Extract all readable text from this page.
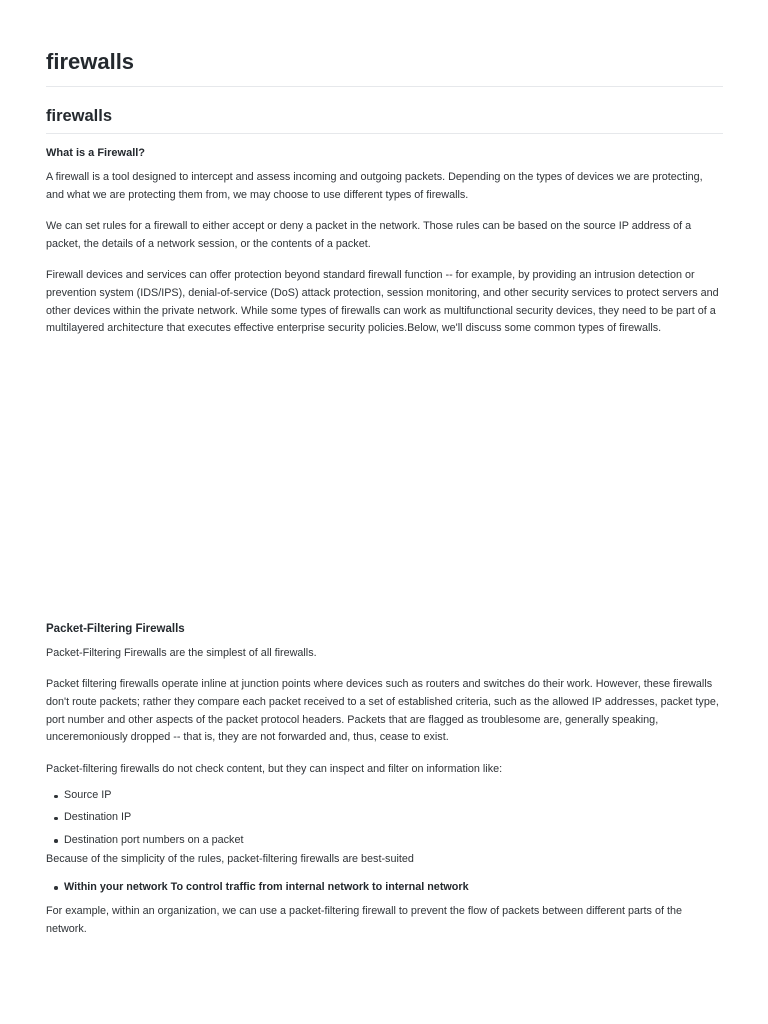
firewalls
firewalls
What is a Firewall?

A firewall is a tool designed to intercept and assess incoming and outgoing packets. Depending on the types of devices we are protecting, and what we are protecting them from, we may choose to use different types of firewalls.

We can set rules for a firewall to either accept or deny a packet in the network. Those rules can be based on the source IP address of a packet, the details of a network session, or the contents of a packet.

Firewall devices and services can offer protection beyond standard firewall function -- for example, by providing an intrusion detection or prevention system (IDS/IPS), denial-of-service (DoS) attack protection, session monitoring, and other security services to protect servers and other devices within the private network. While some types of firewalls can work as multifunctional security devices, they need to be part of a multilayered architecture that executes effective enterprise security policies.Below, we'll discuss some common types of firewalls.

Packet-Filtering Firewalls

Packet-Filtering Firewalls are the simplest of all firewalls.

Packet filtering firewalls operate inline at junction points where devices such as routers and switches do their work. However, these firewalls don't route packets; rather they compare each packet received to a set of established criteria, such as the allowed IP addresses, packet type, port number and other aspects of the packet protocol headers. Packets that are flagged as troublesome are, generally speaking, unceremoniously dropped -- that is, they are not forwarded and, thus, cease to exist.

Packet-filtering firewalls do not check content, but they can inspect and filter on information like:

Source IP
Destination IP
Destination port numbers on a packet

Because of the simplicity of the rules, packet-filtering firewalls are best-suited

Within your network To control traffic from internal network to internal network

For example, within an organization, we can use a packet-filtering firewall to prevent the flow of packets between different parts of the network.
